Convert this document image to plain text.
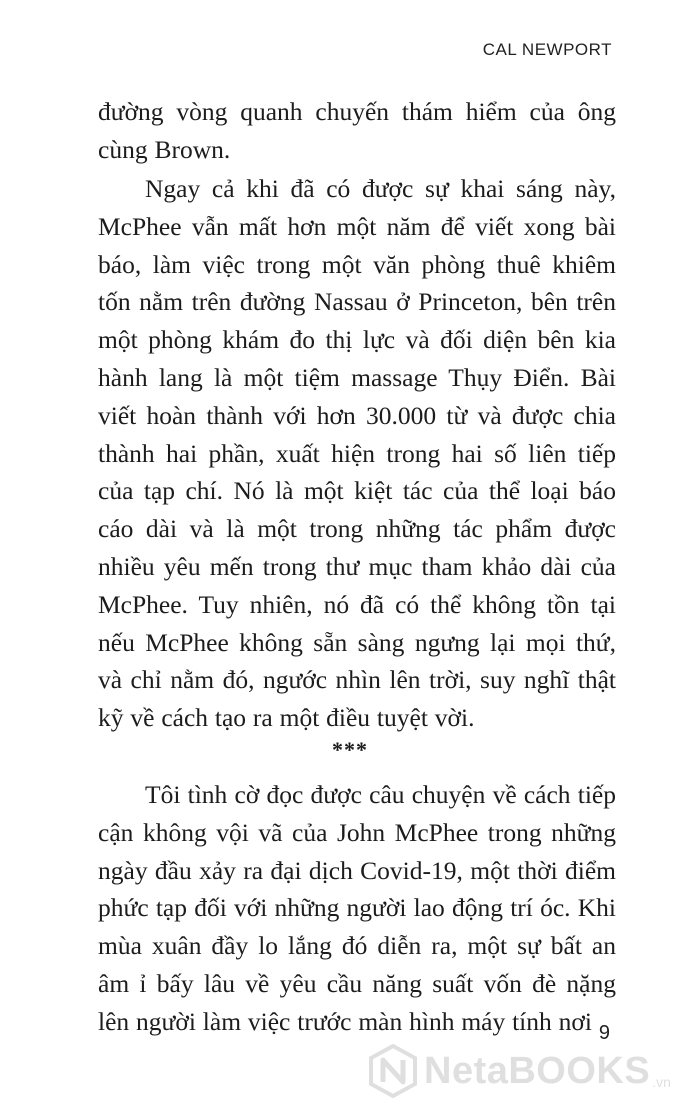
CAL NEWPORT
đường vòng quanh chuyến thám hiểm của ông cùng Brown.
Ngay cả khi đã có được sự khai sáng này, McPhee vẫn mất hơn một năm để viết xong bài báo, làm việc trong một văn phòng thuê khiêm tốn nằm trên đường Nassau ở Princeton, bên trên một phòng khám đo thị lực và đối diện bên kia hành lang là một tiệm massage Thụy Điển. Bài viết hoàn thành với hơn 30.000 từ và được chia thành hai phần, xuất hiện trong hai số liên tiếp của tạp chí. Nó là một kiệt tác của thể loại báo cáo dài và là một trong những tác phẩm được nhiều yêu mến trong thư mục tham khảo dài của McPhee. Tuy nhiên, nó đã có thể không tồn tại nếu McPhee không sẵn sàng ngưng lại mọi thứ, và chỉ nằm đó, ngước nhìn lên trời, suy nghĩ thật kỹ về cách tạo ra một điều tuyệt vời.
***
Tôi tình cờ đọc được câu chuyện về cách tiếp cận không vội vã của John McPhee trong những ngày đầu xảy ra đại dịch Covid-19, một thời điểm phức tạp đối với những người lao động trí óc. Khi mùa xuân đầy lo lắng đó diễn ra, một sự bất an âm ỉ bấy lâu về yêu cầu năng suất vốn đè nặng lên người làm việc trước màn hình máy tính nơi 9
NetaBOOKS .vn
